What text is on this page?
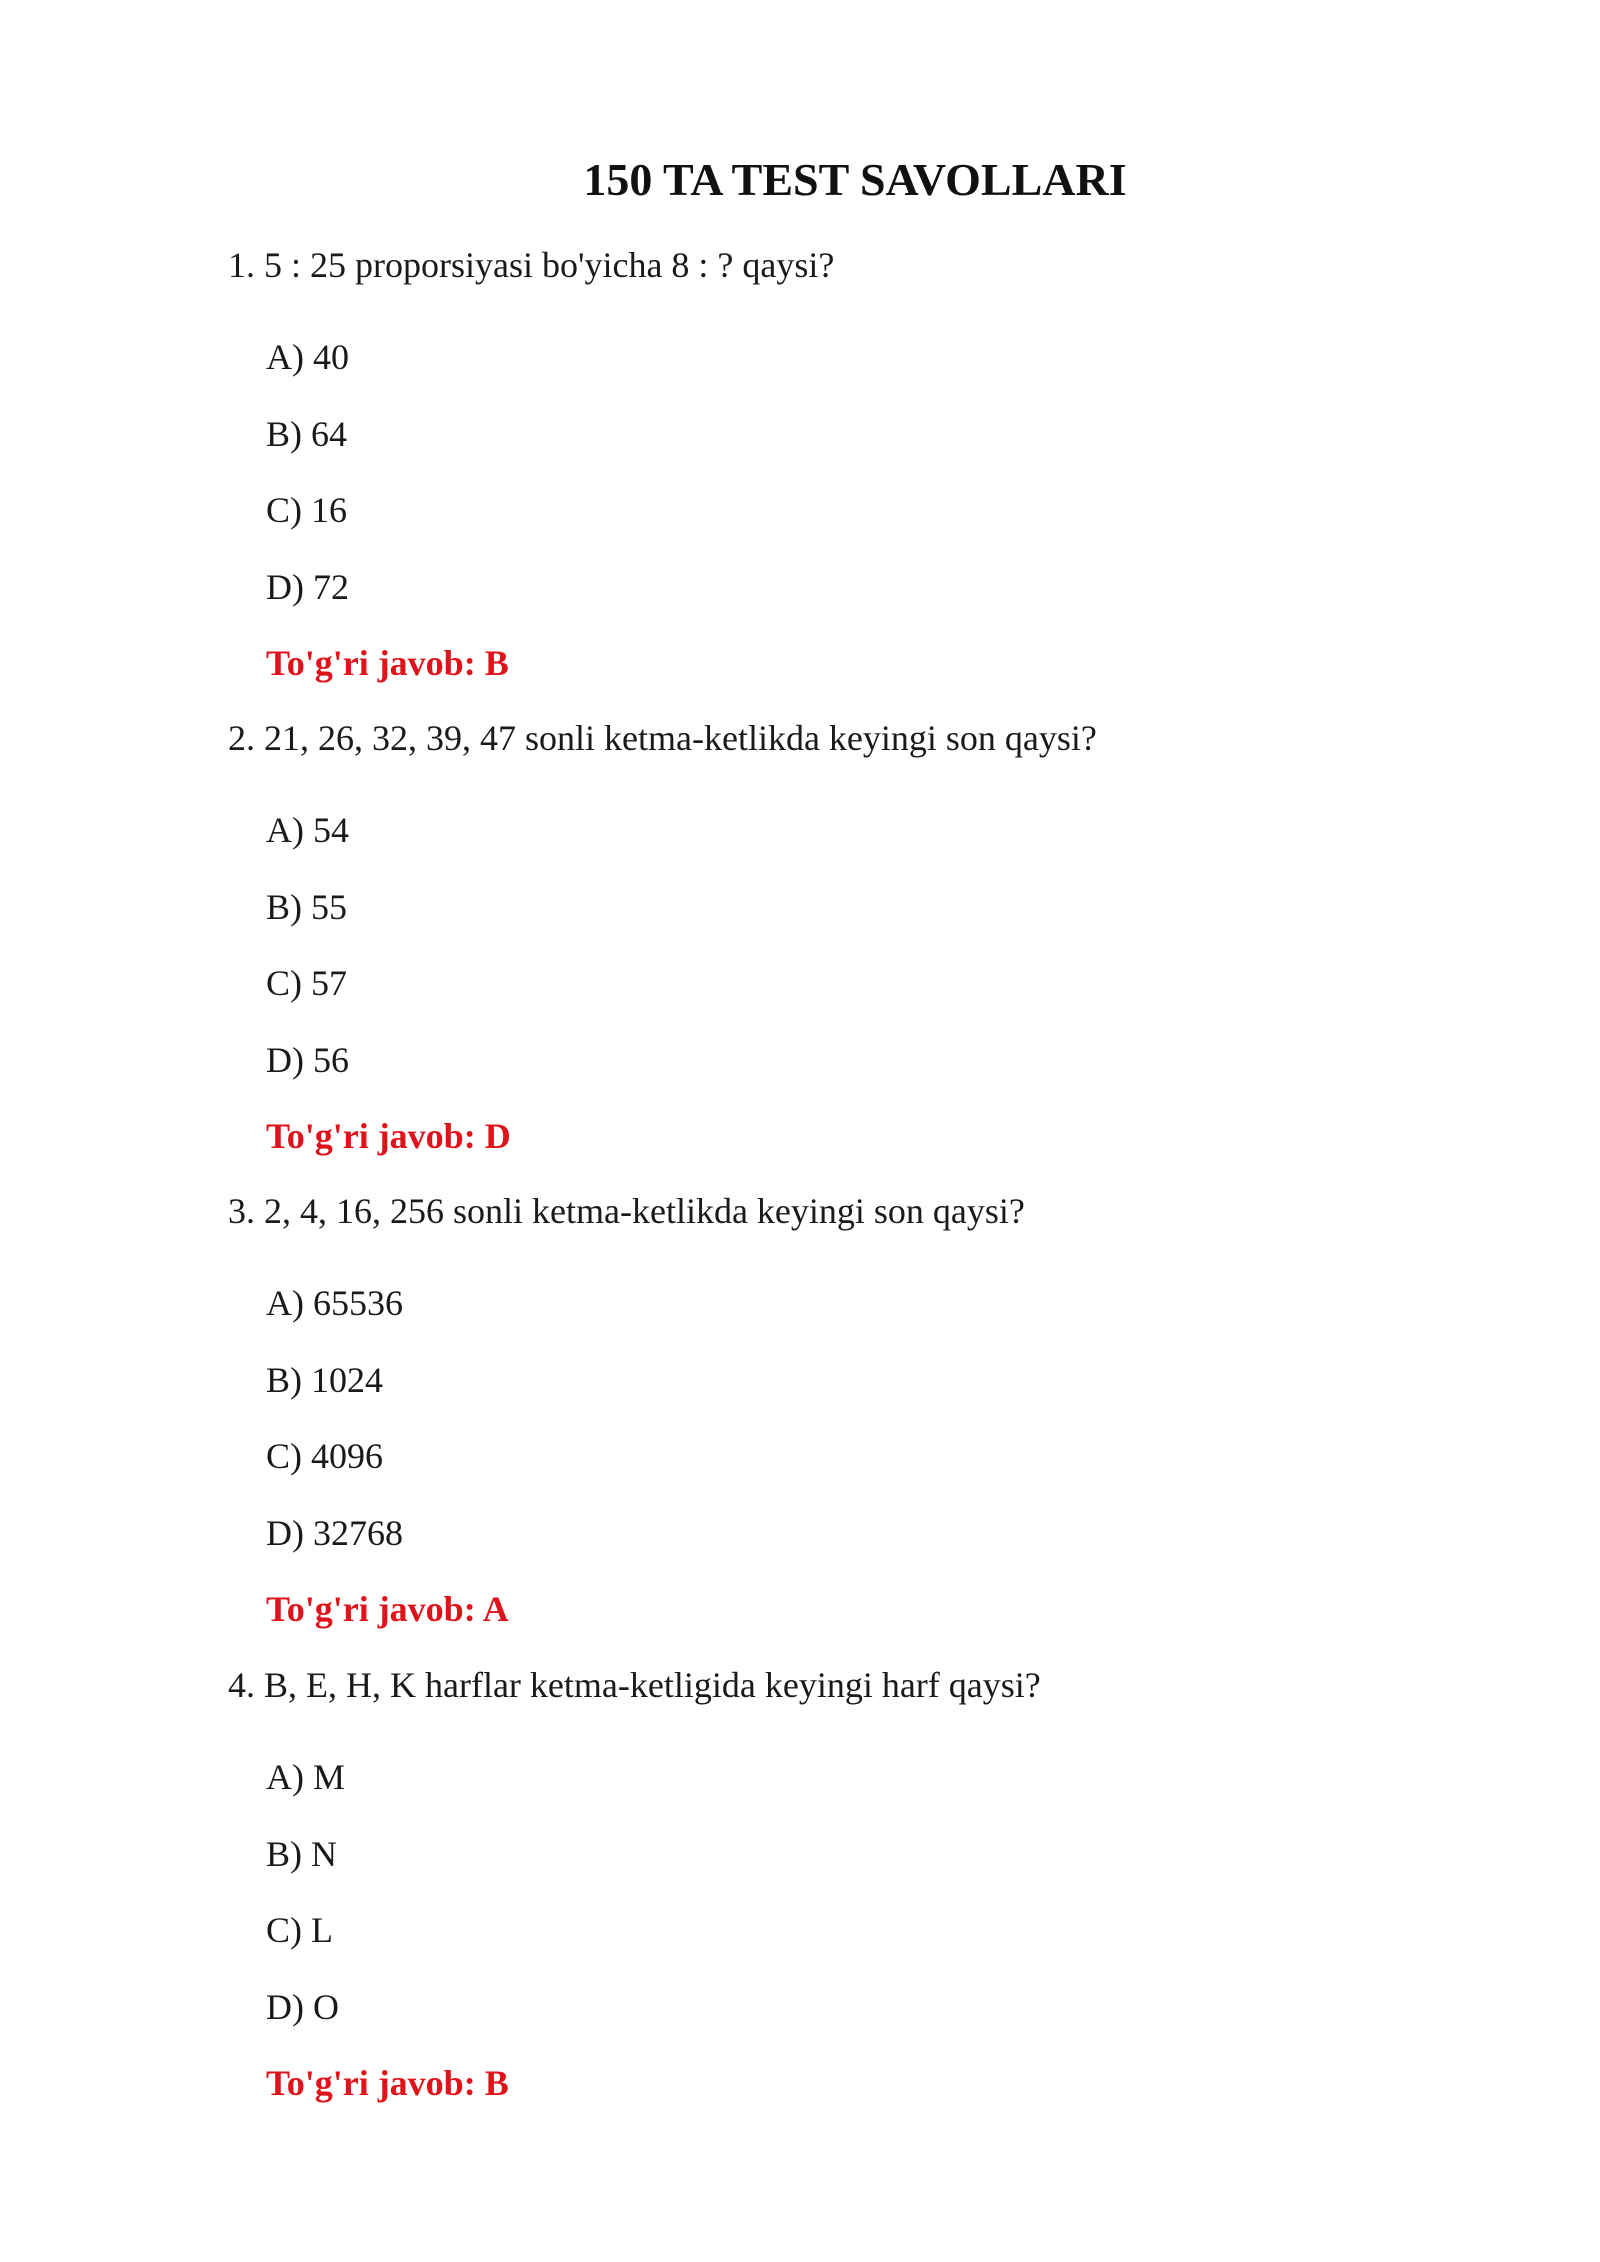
150 TA TEST SAVOLLARI
1. 5 : 25 proporsiyasi bo'yicha 8 : ? qaysi?
A) 40
B) 64
C) 16
D) 72
To'g'ri javob: B
2. 21, 26, 32, 39, 47 sonli ketma-ketlikda keyingi son qaysi?
A) 54
B) 55
C) 57
D) 56
To'g'ri javob: D
3. 2, 4, 16, 256 sonli ketma-ketlikda keyingi son qaysi?
A) 65536
B) 1024
C) 4096
D) 32768
To'g'ri javob: A
4. B, E, H, K harflar ketma-ketligida keyingi harf qaysi?
A) M
B) N
C) L
D) O
To'g'ri javob: B
